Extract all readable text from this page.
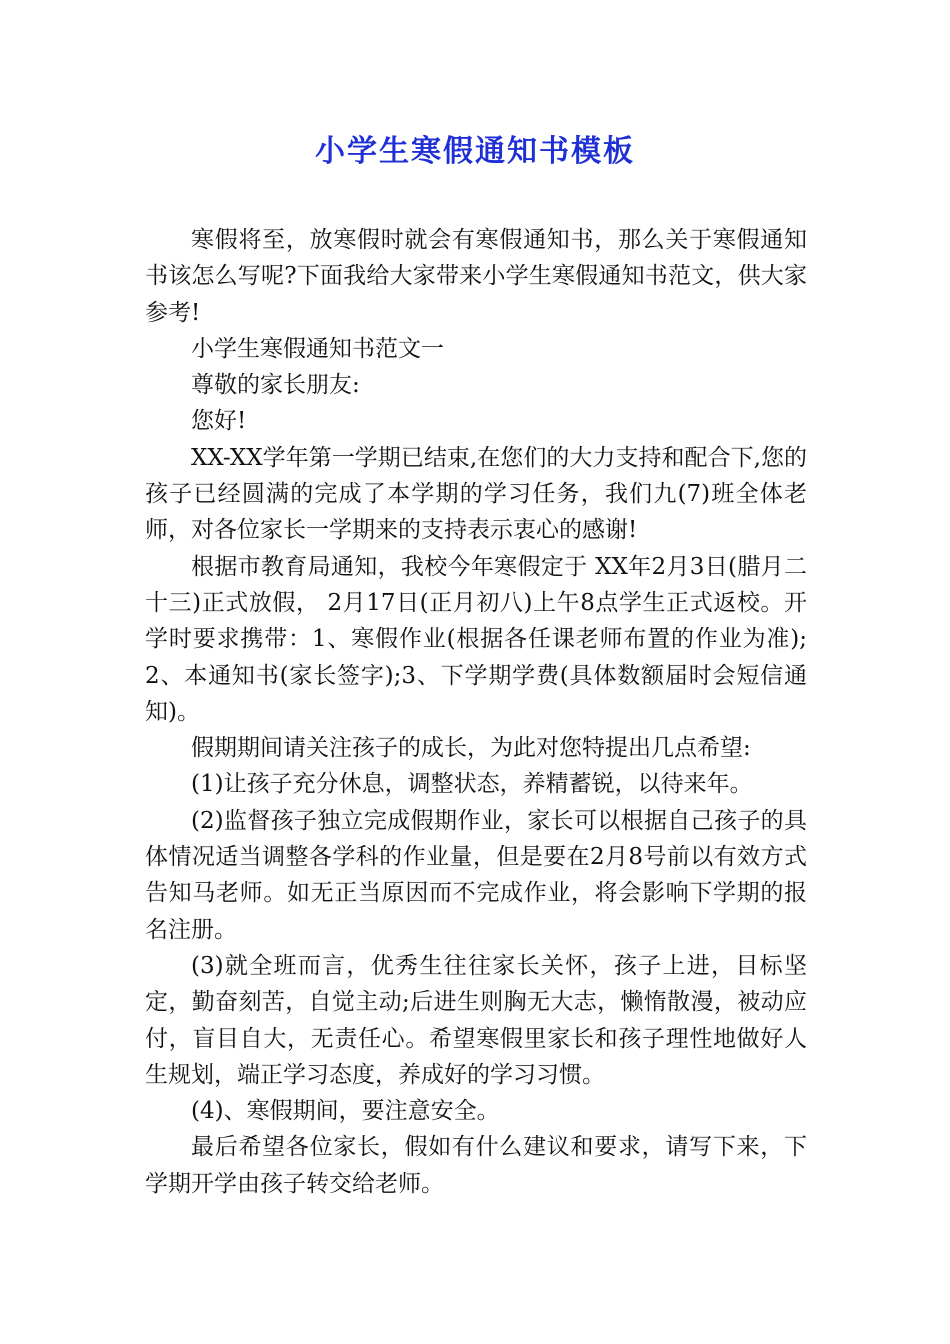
小学生寒假通知书模板

寒假将至，放寒假时就会有寒假通知书，那么关于寒假通知书该怎么写呢?下面我给大家带来小学生寒假通知书范文，供大家参考!

小学生寒假通知书范文一

尊敬的家长朋友:

您好!

XX-XX学年第一学期已结束,在您们的大力支持和配合下,您的孩子已经圆满的完成了本学期的学习任务，我们九(7)班全体老师，对各位家长一学期来的支持表示衷心的感谢!

根据市教育局通知，我校今年寒假定于 XX年2月3日(腊月二十三)正式放假， 2月17日(正月初八)上午8点学生正式返校。开学时要求携带：1、寒假作业(根据各任课老师布置的作业为准);2、本通知书(家长签字);3、下学期学费(具体数额届时会短信通知)。

假期期间请关注孩子的成长，为此对您特提出几点希望:

(1)让孩子充分休息，调整状态，养精蓄锐，以待来年。

(2)监督孩子独立完成假期作业，家长可以根据自己孩子的具体情况适当调整各学科的作业量，但是要在2月8号前以有效方式告知马老师。如无正当原因而不完成作业，将会影响下学期的报名注册。

(3)就全班而言，优秀生往往家长关怀，孩子上进，目标坚定，勤奋刻苦，自觉主动;后进生则胸无大志，懒惰散漫，被动应付，盲目自大，无责任心。希望寒假里家长和孩子理性地做好人生规划，端正学习态度，养成好的学习习惯。

(4)、寒假期间，要注意安全。

最后希望各位家长，假如有什么建议和要求，请写下来，下学期开学由孩子转交给老师。
